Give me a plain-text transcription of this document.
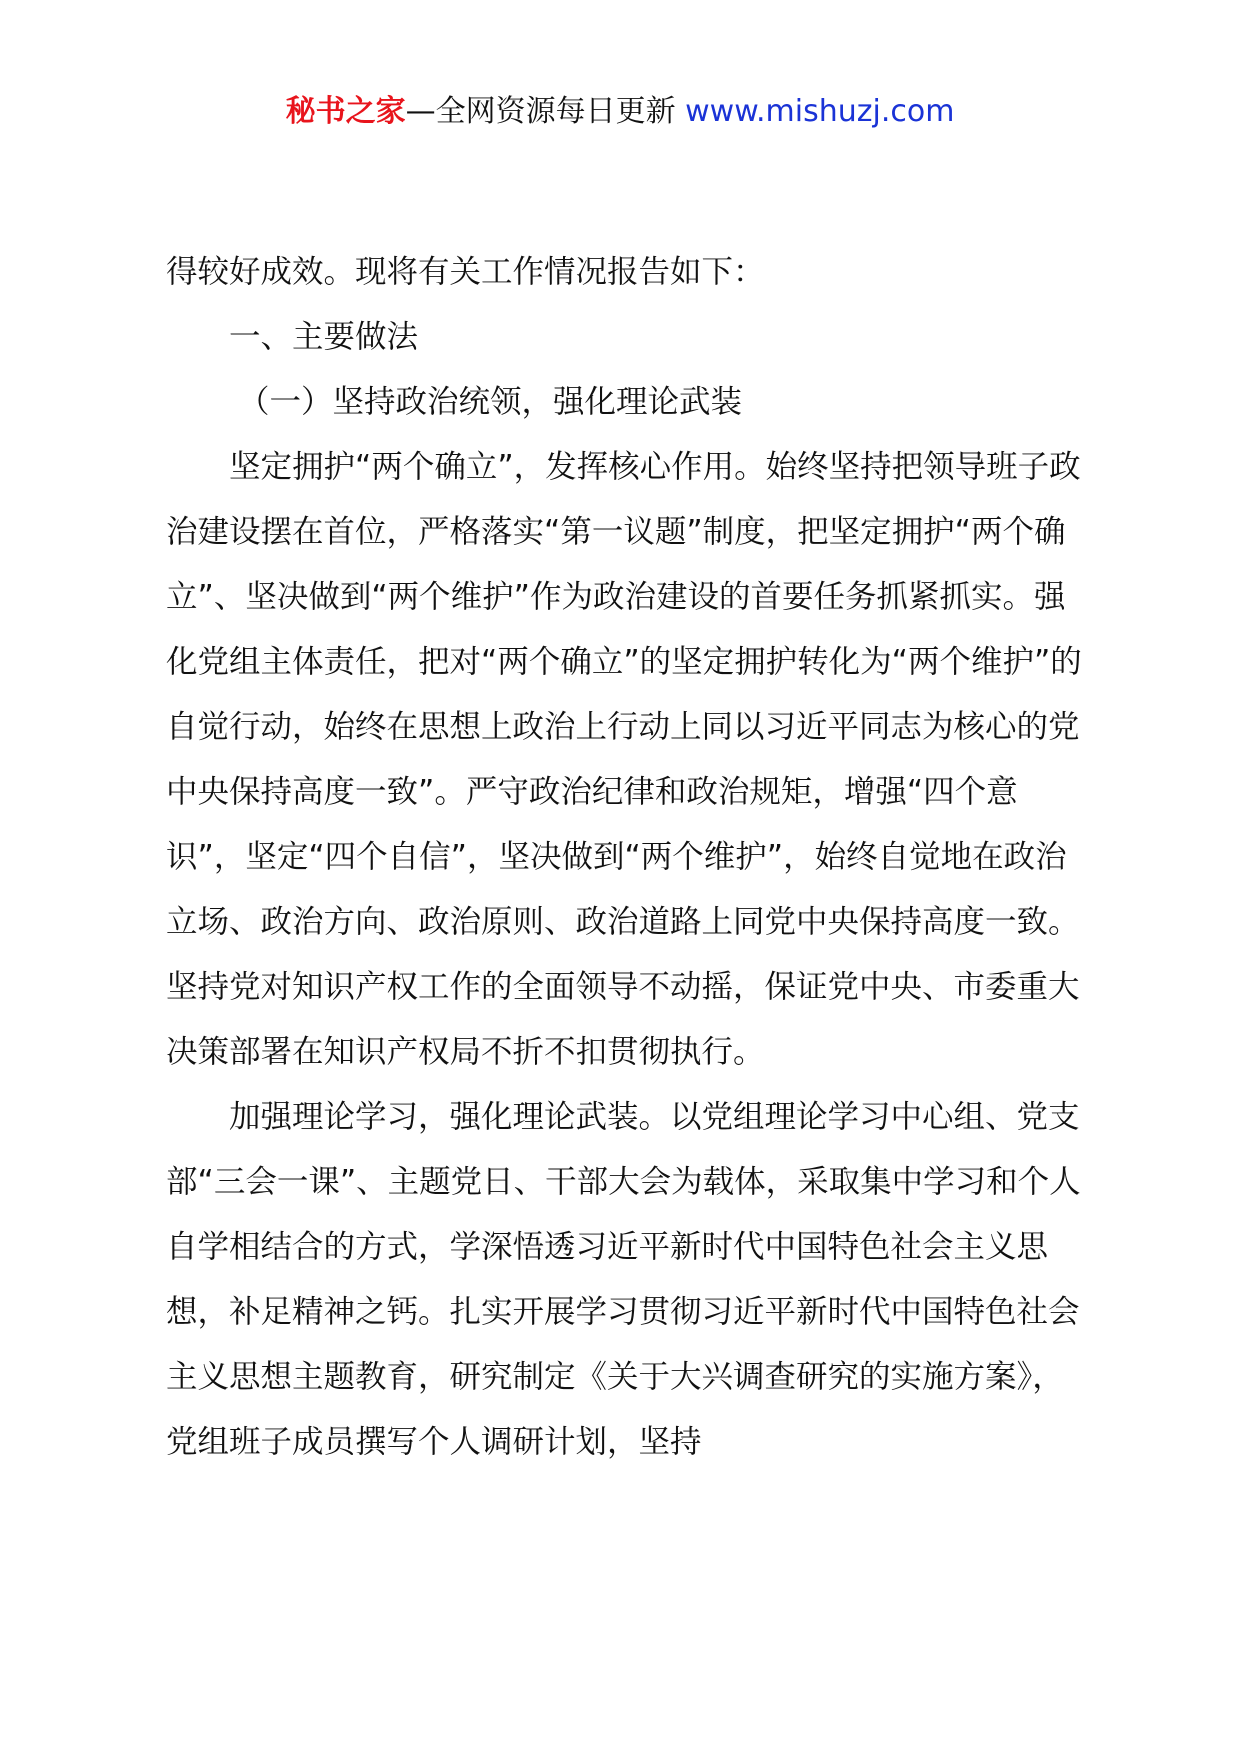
秘书之家—全网资源每日更新 www.mishuzj.com

得较好成效。现将有关工作情况报告如下：

一、主要做法

（一）坚持政治统领，强化理论武装

坚定拥护“两个确立”，发挥核心作用。始终坚持把领导班子政治建设摆在首位，严格落实“第一议题”制度，把坚定拥护“两个确立”、坚决做到“两个维护”作为政治建设的首要任务抓紧抓实。强化党组主体责任，把对“两个确立”的坚定拥护转化为“两个维护”的自觉行动，始终在思想上政治上行动上同以习近平同志为核心的党中央保持高度一致”。严守政治纪律和政治规矩，增强“四个意识”，坚定“四个自信”，坚决做到“两个维护”，始终自觉地在政治立场、政治方向、政治原则、政治道路上同党中央保持高度一致。坚持党对知识产权工作的全面领导不动摇，保证党中央、市委重大决策部署在知识产权局不折不扣贯彻执行。

加强理论学习，强化理论武装。以党组理论学习中心组、党支部“三会一课”、主题党日、干部大会为载体，采取集中学习和个人自学相结合的方式，学深悟透习近平新时代中国特色社会主义思想，补足精神之钙。扎实开展学习贯彻习近平新时代中国特色社会主义思想主题教育，研究制定《关于大兴调查研究的实施方案》，党组班子成员撰写个人调研计划，坚持
